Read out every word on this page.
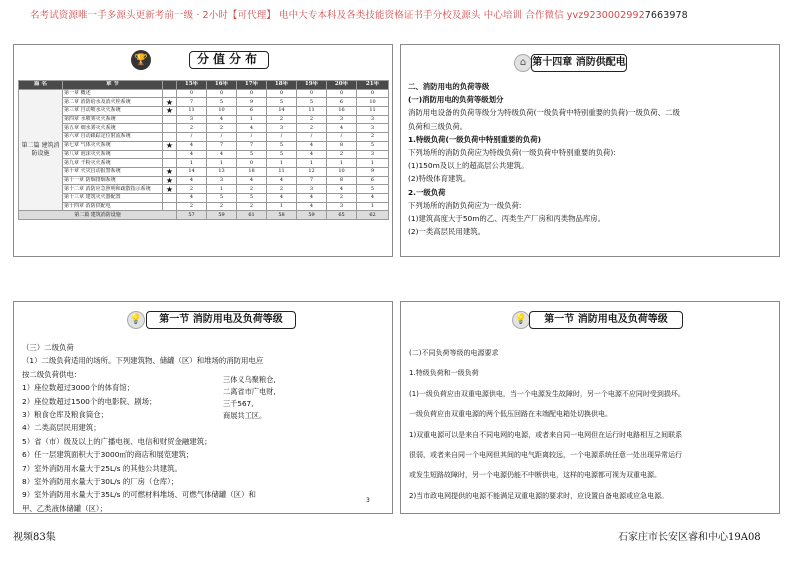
名考试资源唯一手多源头更新考前一级 · 2小时【可代理】 电中大专本科及各类技能资格证书手分校及源头 中心培训 合作微信 yvz92300029927663978
🏆	分值分布
篇 名	章 节		15年	16年	17年	18年	19年	20年	21年
第二篇 建筑消防设施	第一章 概述		0	0	0	0	0	0	0
	第二章 消防给水及消火栓系统	★	7	5	9	5	5	6	10
	第三章 自动喷水灭火系统	★	11	10	6	14	11	16	11
	第四章 水喷雾灭火系统		3	4	1	2	2	3	3
	第五章 细水雾灭火系统		2	2	4	3	2	4	3
	第六章 自动跟踪定位射流系统		/	/	/	/	/	/	2
	第七章 气体灭火系统	★	4	7	7	5	4	8	5
	第八章 泡沫灭火系统		4	4	5	5	4	2	3
	第九章 干粉灭火系统		1	1	0	1	1	1	1
	第十章 火灾自动报警系统	★	14	13	18	11	12	10	9
	第十一章 防烟排烟系统	★	4	3	4	4	7	8	6
	第十二章 消防应急照明和疏散指示系统	★	2	1	2	2	3	4	5
	第十三章 建筑灭火器配置		4	5	5	4	4	2	4
	第十四章 消防供配电		2	2	2	1	4	3	1
第二篇 建筑消防设施			57	59	61	58	59	65	62
⌂ 第十四章 消防供配电
二、消防用电的负荷等级
(一)消防用电的负荷等级划分
消防用电设备的负荷等级分为特级负荷(一级负荷中特别重要的负荷)一级负荷、二级
负荷和三级负荷。
1.特级负荷(一级负荷中特别重要的负荷)
下列场所的消防负荷应为特级负荷(一级负荷中特别重要的负荷):
(1)150m及以上的超高层公共建筑。
(2)特级体育建筑。
2.一级负荷
下列场所的消防负荷应为一级负荷:
(1)建筑高度大于50m的乙、丙类生产厂房和丙类物品库房。
(2)一类高层民用建筑。
💡	第一节 消防用电及负荷等级
（三）二级负荷
（1）二级负荷适用的场所。下列建筑物、储罐（区）和堆场的消防用电应
按二级负荷供电：
1）座位数超过3000个的体育馆；
2）座位数超过1500个的电影院、剧场；
3）粮食仓库及粮食筒仓；
4）二类高层民用建筑；
5）省（市）级及以上的广播电视、电信和财贸金融建筑；
6）任一层建筑面积大于3000㎡的商店和展览建筑；
7）室外消防用水量大于25L/s 的其他公共建筑。
8）室外消防用水量大于30L/s 的厂房（仓库）；
9）室外消防用水量大于35L/s 的可燃材料堆场、可燃气体储罐（区）和
甲、乙类液体储罐（区）；
三体义乌聚粮仓,
二离省市广电财,
三千567,
商展共工区。
3
💡	第一节 消防用电及负荷等级
(二)不同负荷等级的电源要求
1.特级负荷和一级负荷
(1)一级负荷应由双重电源供电，当一个电源发生故障时，另一个电源不应同时受到损坏。
一级负荷应由双重电源的两个低压回路在末端配电箱处切换供电。
1)双重电源可以是来自不同电网的电源，或者来自同一电网但在运行时电路相互之间联系
很弱，或者来自同一个电网但其间的电气距离较远，一个电源系统任意一处出现异常运行
或发生短路故障时，另一个电源仍能不中断供电，这样的电源都可视为双重电源。
2)当市政电网提供的电源不能满足双重电源的要求时，应设置自备电源或应急电源。
视频83集	石家庄市长安区睿和中心19A08
